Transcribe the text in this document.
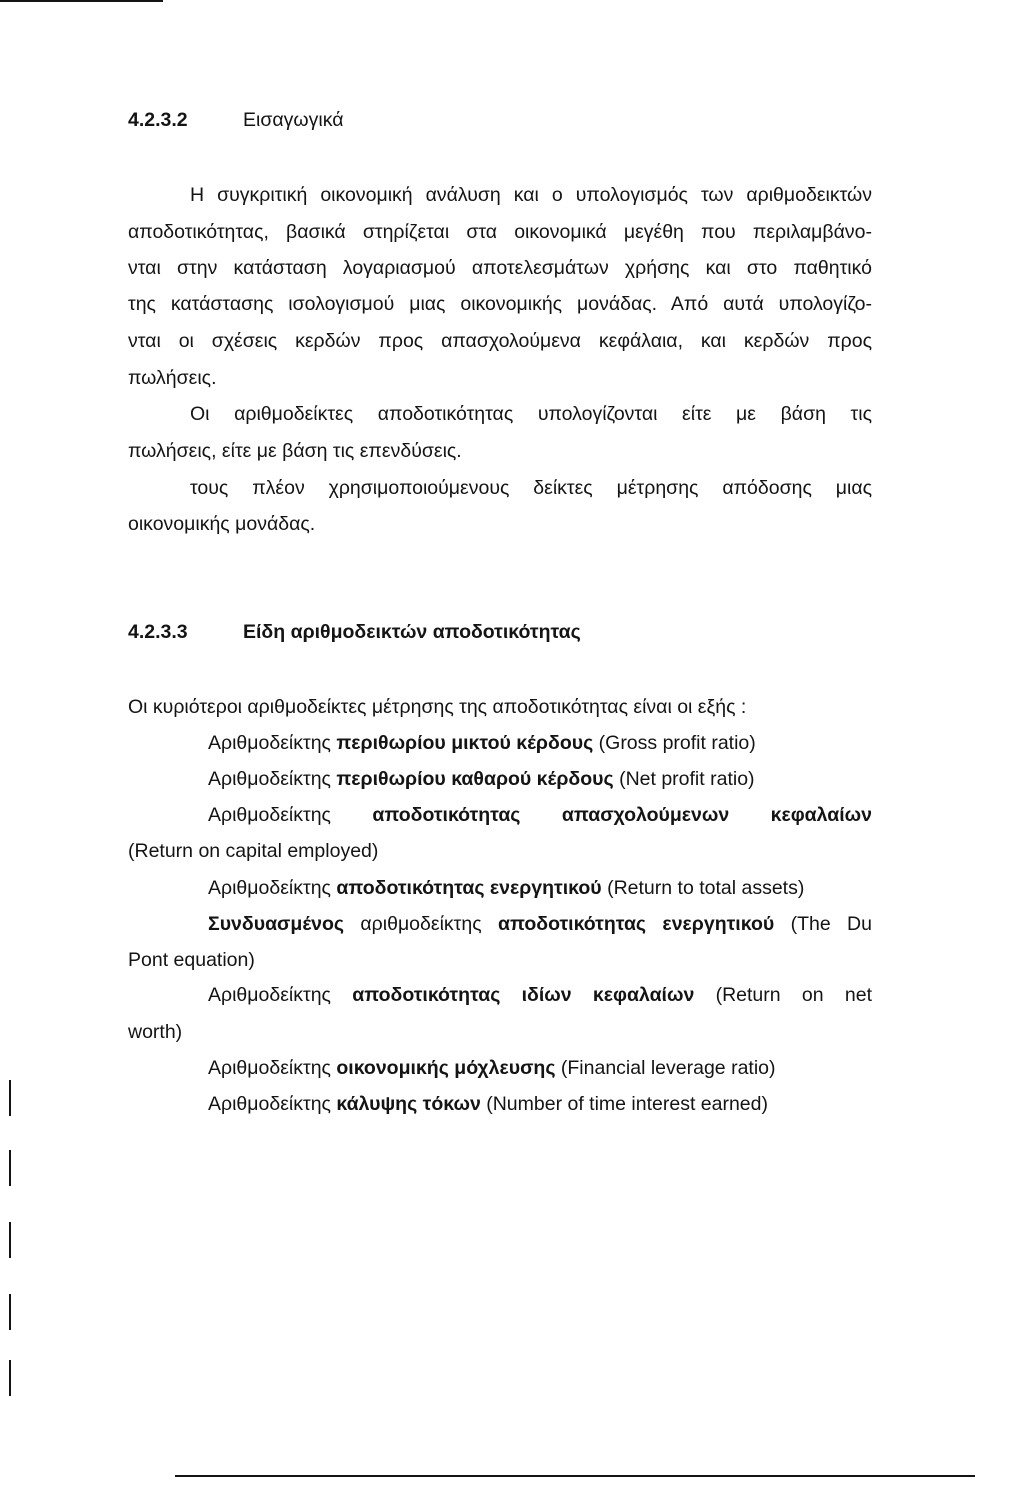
4.2.3.2	Εισαγωγικά
Η συγκριτική οικονομική ανάλυση και ο υπολογισμός των αριθμοδεικτών
αποδοτικότητας, βασικά στηρίζεται στα οικονομικά μεγέθη που περιλαμβάνο-
νται στην κατάσταση λογαριασμού αποτελεσμάτων χρήσης και στο παθητικό
της κατάστασης ισολογισμού μιας οικονομικής μονάδας. Από αυτά υπολογίζο-
νται οι σχέσεις κερδών προς απασχολούμενα κεφάλαια, και κερδών προς
πωλήσεις.
Οι αριθμοδείκτες αποδοτικότητας υπολογίζονται είτε με βάση τις
πωλήσεις, είτε με βάση τις επενδύσεις.
τους πλέον χρησιμοποιούμενους δείκτες μέτρησης απόδοσης μιας
οικονομικής μονάδας.
4.2.3.3	Είδη αριθμοδεικτών αποδοτικότητας
Οι κυριότεροι αριθμοδείκτες μέτρησης της αποδοτικότητας είναι οι εξής :
Αριθμοδείκτης περιθωρίου μικτού κέρδους (Gross profit ratio)
Αριθμοδείκτης περιθωρίου καθαρού κέρδους (Net profit ratio)
Αριθμοδείκτης αποδοτικότητας απασχολούμενων κεφαλαίων
(Return on capital employed)
Αριθμοδείκτης αποδοτικότητας ενεργητικού (Return to total assets)
Συνδυασμένος αριθμοδείκτης αποδοτικότητας ενεργητικού (The Du
Pont equation)
Αριθμοδείκτης αποδοτικότητας ιδίων κεφαλαίων (Return on net
worth)
Αριθμοδείκτης οικονομικής μόχλευσης (Financial leverage ratio)
Αριθμοδείκτης κάλυψης τόκων (Number of time interest earned)
